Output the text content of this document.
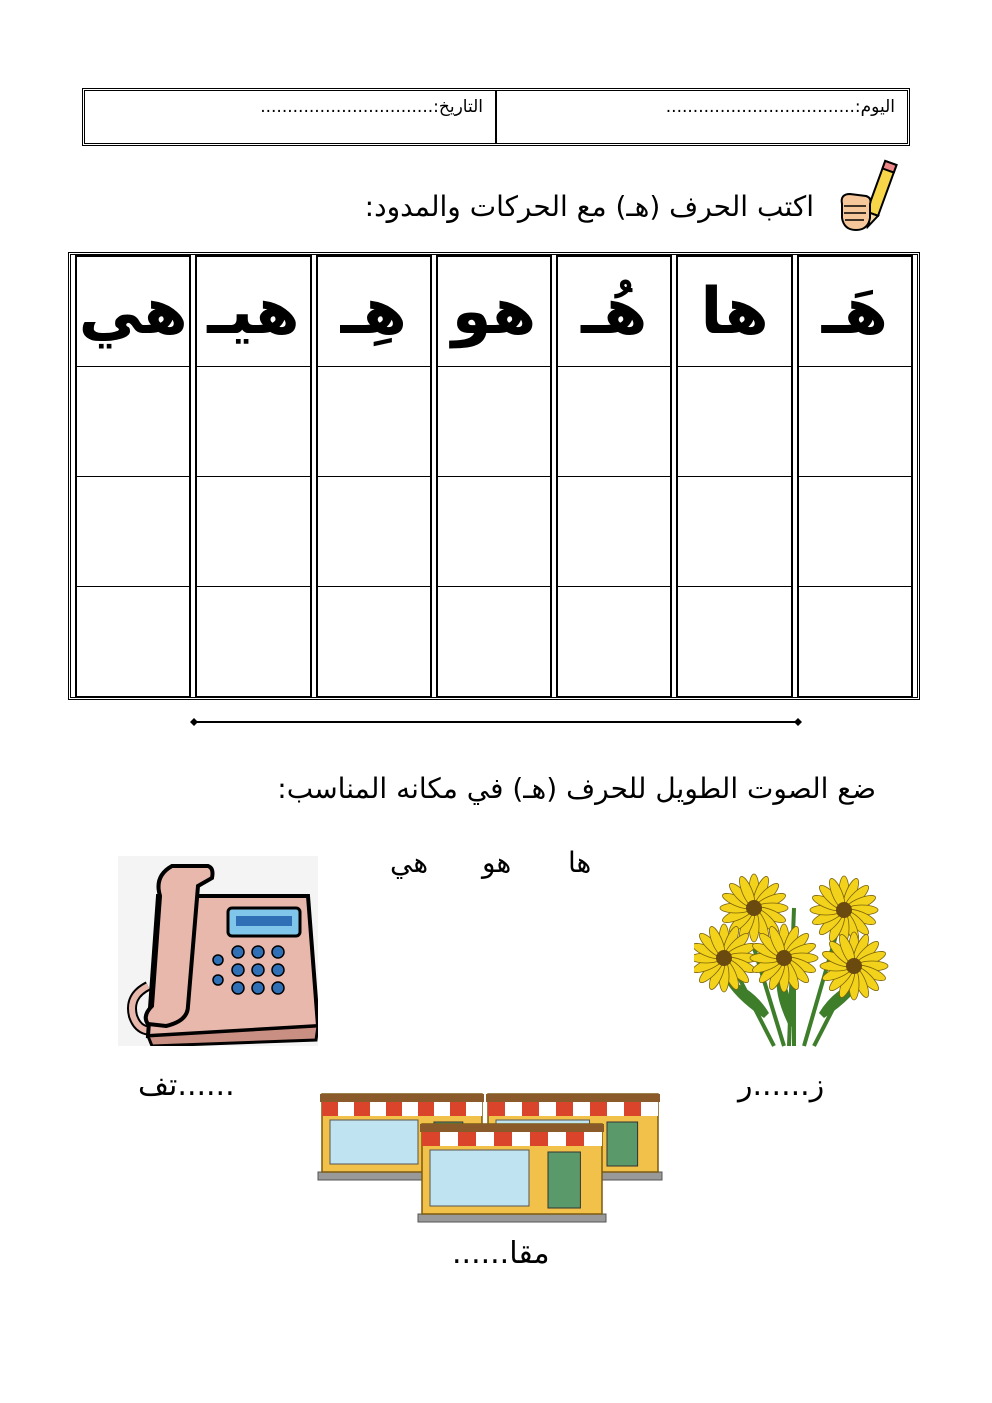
اليوم:
...................................
التاريخ:
................................
اكتب الحرف (هـ) مع الحركات والمدود:
هَـ	ها	هُـ	هو	هِـ	هيـ	هي

ضع الصوت الطويل للحرف (هـ) في مكانه المناسب:
ها
هو
هي
......تف	ز......ر
مقا......
